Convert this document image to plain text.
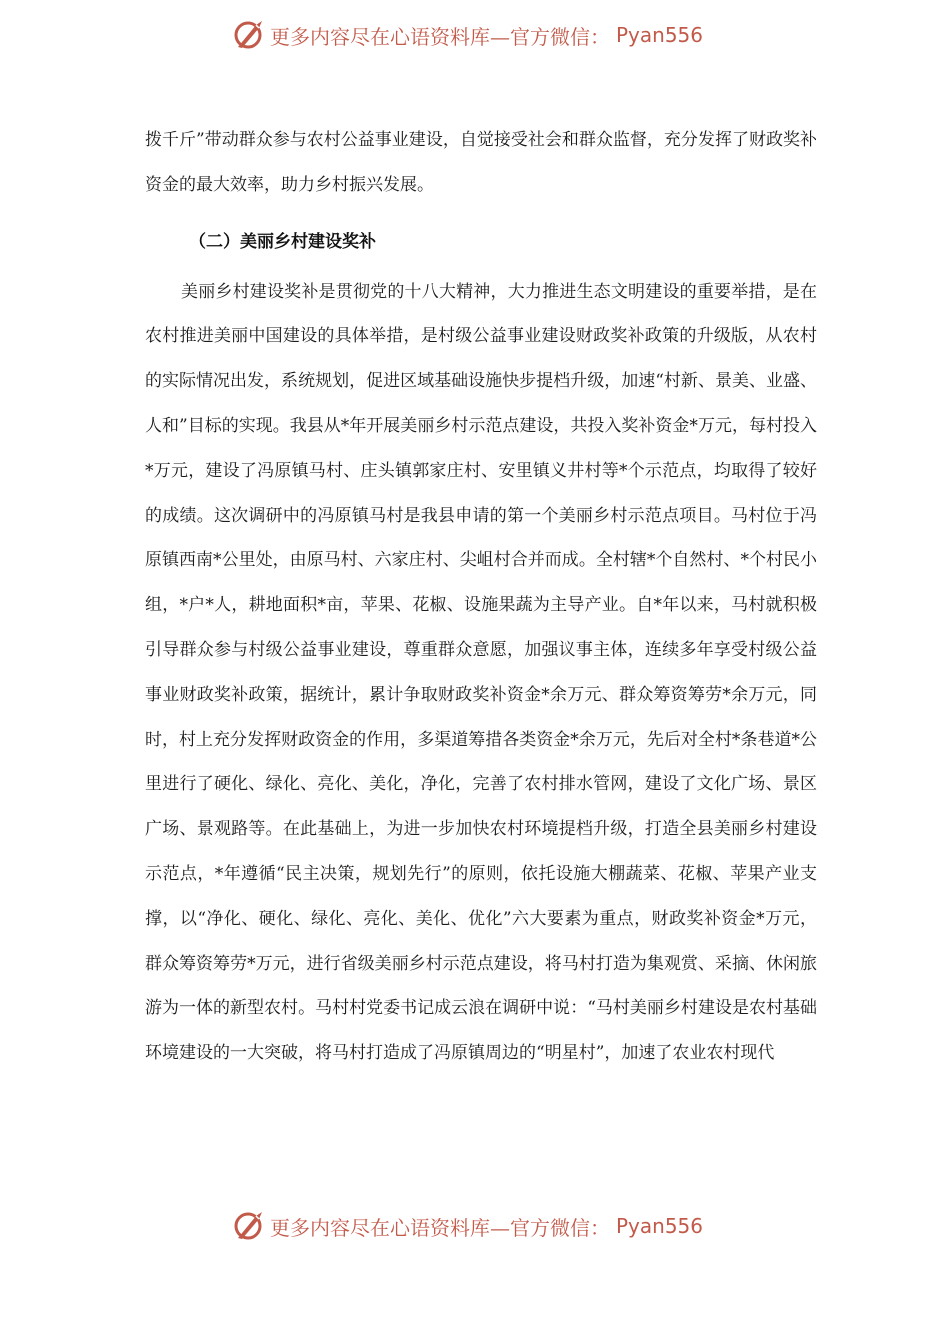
更多内容尽在心语资料库—官方微信： Pyan556

拨千斤”带动群众参与农村公益事业建设，自觉接受社会和群众监督，充分发挥了财政奖补资金的最大效率，助力乡村振兴发展。

（二）美丽乡村建设奖补

美丽乡村建设奖补是贯彻党的十八大精神，大力推进生态文明建设的重要举措，是在农村推进美丽中国建设的具体举措，是村级公益事业建设财政奖补政策的升级版，从农村的实际情况出发，系统规划，促进区域基础设施快步提档升级，加速“村新、景美、业盛、人和”目标的实现。我县从*年开展美丽乡村示范点建设，共投入奖补资金*万元，每村投入*万元，建设了冯原镇马村、庄头镇郭家庄村、安里镇义井村等*个示范点，均取得了较好的成绩。这次调研中的冯原镇马村是我县申请的第一个美丽乡村示范点项目。马村位于冯原镇西南*公里处，由原马村、六家庄村、尖岨村合并而成。全村辖*个自然村、*个村民小组，*户*人，耕地面积*亩，苹果、花椒、设施果蔬为主导产业。自*年以来，马村就积极引导群众参与村级公益事业建设，尊重群众意愿，加强议事主体，连续多年享受村级公益事业财政奖补政策，据统计，累计争取财政奖补资金*余万元、群众筹资筹劳*余万元，同时，村上充分发挥财政资金的作用，多渠道筹措各类资金*余万元，先后对全村*条巷道*公里进行了硬化、绿化、亮化、美化，净化，完善了农村排水管网，建设了文化广场、景区广场、景观路等。在此基础上，为进一步加快农村环境提档升级，打造全县美丽乡村建设示范点，*年遵循“民主决策，规划先行”的原则，依托设施大棚蔬菜、花椒、苹果产业支撑，以“净化、硬化、绿化、亮化、美化、优化”六大要素为重点，财政奖补资金*万元， 群众筹资筹劳*万元，进行省级美丽乡村示范点建设，将马村打造为集观赏、采摘、休闲旅游为一体的新型农村。马村村党委书记成云浪在调研中说：“马村美丽乡村建设是农村基础环境建设的一大突破，将马村打造成了冯原镇周边的“明星村”，加速了农业农村现代

更多内容尽在心语资料库—官方微信： Pyan556
